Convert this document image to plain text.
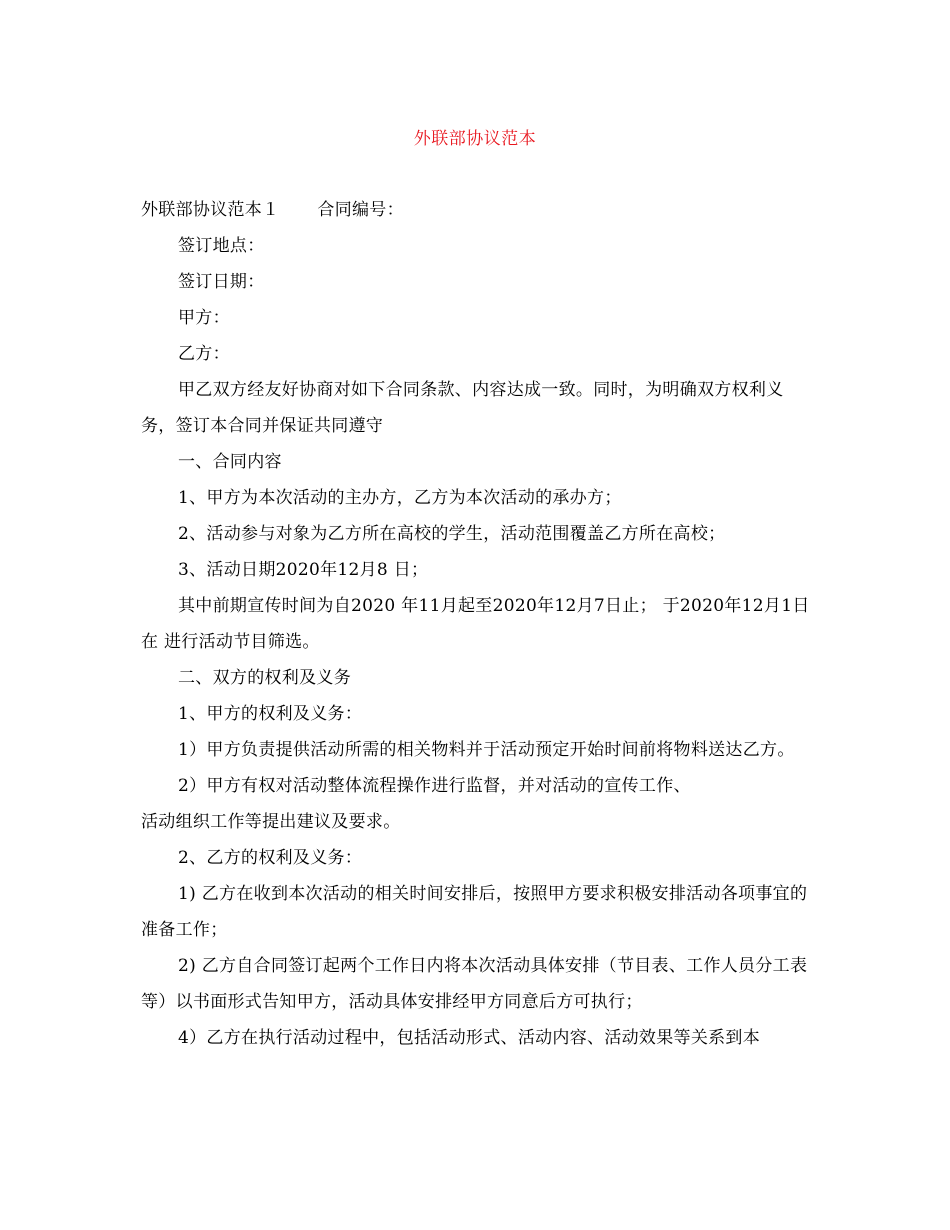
外联部协议范本
外联部协议范本１ 合同编号：
签订地点：
签订日期：
甲方：
乙方：
甲乙双方经友好协商对如下合同条款、内容达成一致。同时，为明确双方权利义务，签订本合同并保证共同遵守
一、合同内容
1、甲方为本次活动的主办方，乙方为本次活动的承办方；
2、活动参与对象为乙方所在高校的学生，活动范围覆盖乙方所在高校；
3、活动日期2020年12月8 日；
其中前期宣传时间为自2020 年11月起至2020年12月7日止； 于2020年12月1日在 进行活动节目筛选。
二、双方的权利及义务
1、甲方的权利及义务：
1）甲方负责提供活动所需的相关物料并于活动预定开始时间前将物料送达乙方。
2）甲方有权对活动整体流程操作进行监督，并对活动的宣传工作、
活动组织工作等提出建议及要求。
2、乙方的权利及义务：
1) 乙方在收到本次活动的相关时间安排后，按照甲方要求积极安排活动各项事宜的准备工作；
2) 乙方自合同签订起两个工作日内将本次活动具体安排（节目表、工作人员分工表等）以书面形式告知甲方，活动具体安排经甲方同意后方可执行；
4）乙方在执行活动过程中，包括活动形式、活动内容、活动效果等关系到本
